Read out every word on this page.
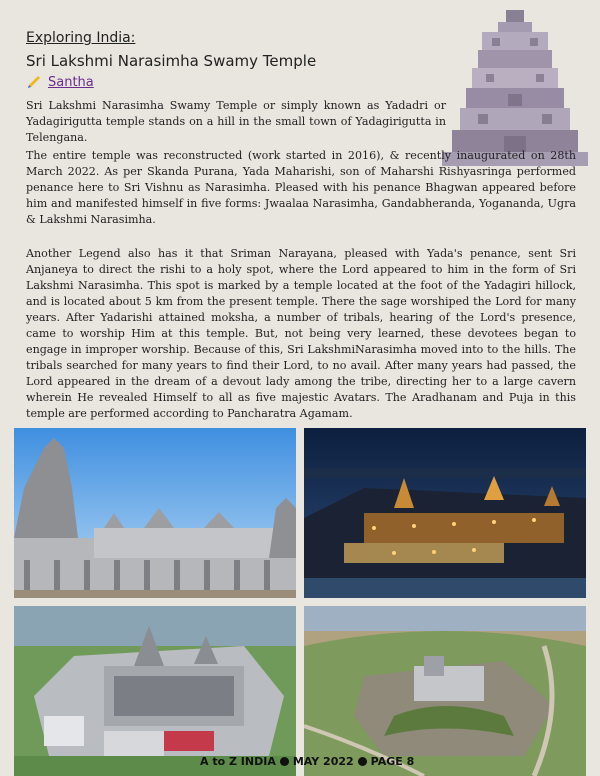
Exploring India:
Sri Lakshmi Narasimha Swamy Temple
Santha

Sri Lakshmi Narasimha Swamy Temple or simply known as Yadadri or Yadagirigutta temple stands on a hill in the small town of Yadagirigutta in Telengana.

The entire temple was reconstructed (work started in 2016), & recently inaugurated on 28th March 2022. As per Skanda Purana, Yada Maharishi, son of Maharshi Rishyasringa performed penance here to Sri Vishnu as Narasimha. Pleased with his penance Bhagwan appeared before him and manifested himself in five forms: Jwaalaa Narasimha, Gandabheranda, Yogananda, Ugra & Lakshmi Narasimha.

Another Legend also has it that Sriman Narayana, pleased with Yada's penance, sent Sri Anjaneya to direct the rishi to a holy spot, where the Lord appeared to him in the form of Sri Lakshmi Narasimha. This spot is marked by a temple located at the foot of the Yadagiri hillock, and is located about 5 km from the present temple. There the sage worshiped the Lord for many years. After Yadarishi attained moksha, a number of tribals, hearing of the Lord's presence, came to worship Him at this temple. But, not being very learned, these devotees began to engage in improper worship. Because of this, Sri LakshmiNarasimha moved into to the hills. The tribals searched for many years to find their Lord, to no avail. After many years had passed, the Lord appeared in the dream of a devout lady among the tribe, directing her to a large cavern wherein He revealed Himself to all as five majestic Avatars. The Aradhanam and Puja in this temple are performed according to Pancharatra Agamam.

A to Z INDIA MAY 2022 PAGE 8
